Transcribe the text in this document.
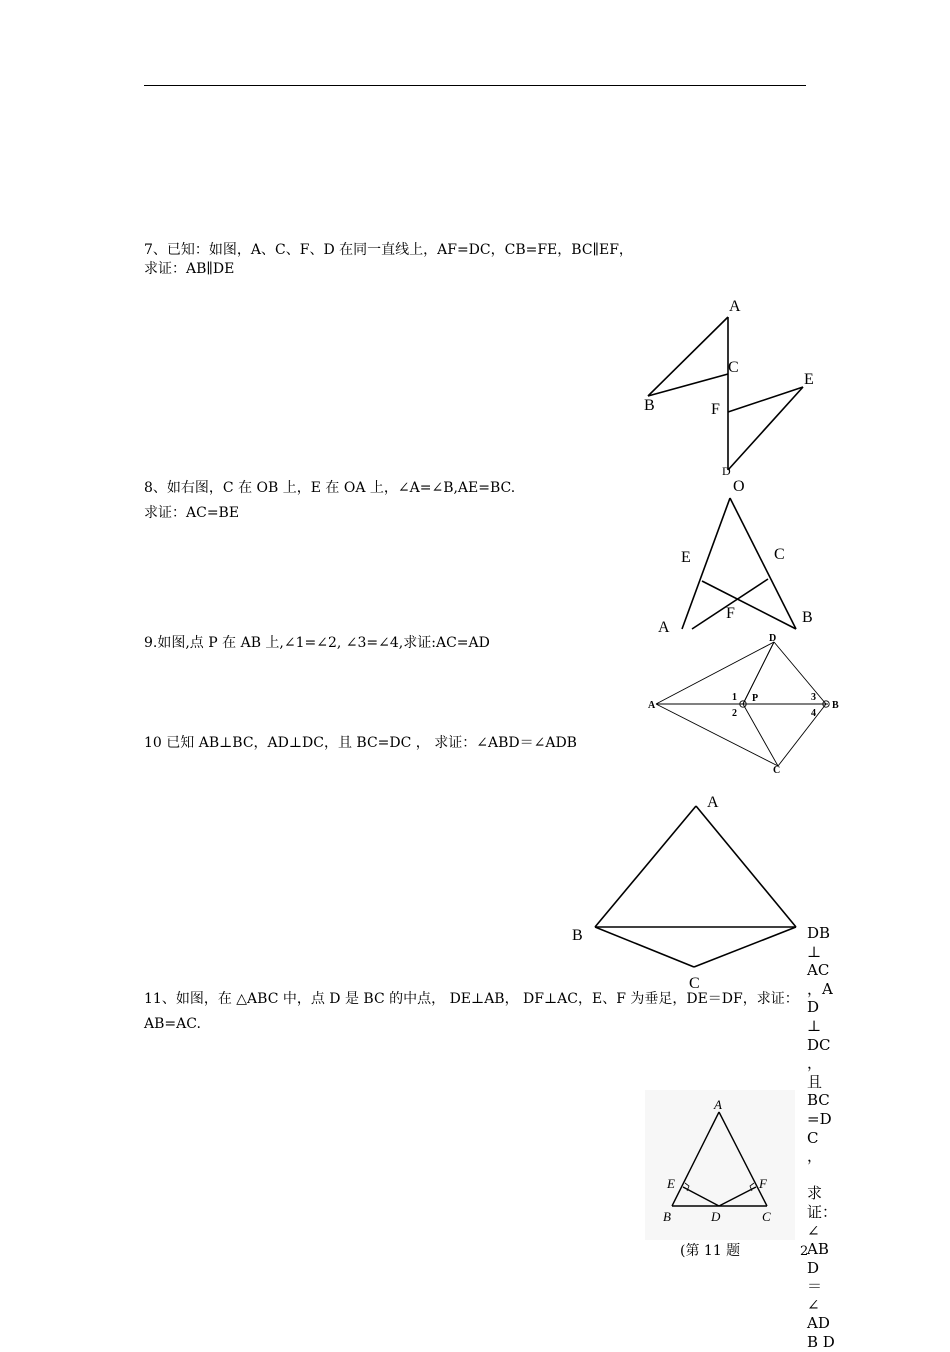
7、已知：如图，A、C、F、D 在同一直线上，AF=DC，CB=FE，BC∥EF，
求证：AB∥DE
A
B
C
E
F
D
8、如右图，C 在 OB 上，E 在 OA 上，∠A=∠B,AE=BC.
求证：AC=BE
O
E	C
F
A
B
9.如图,点 P 在 AB 上,∠1=∠2, ∠3=∠4,求证:AC=AD	D
A
P
B
C
1
2
3
4
10 已知 AB⊥BC，AD⊥DC，且 BC=DC ， 求证：∠ABD＝∠ADB
A
B
C
11、如图，在 △ABC 中，点 D 是 BC 的中点， DE⊥AB， DF⊥AC，E、F 为垂足，DE＝DF，求证：
AB=AC.
A
E	F
B	D	C
(第 11 题
DB
⊥
AC
，A
D
⊥
DC
，
且
BC
=D
C ，

求
证：
∠
AB
D
＝
∠
AD
B D
2
